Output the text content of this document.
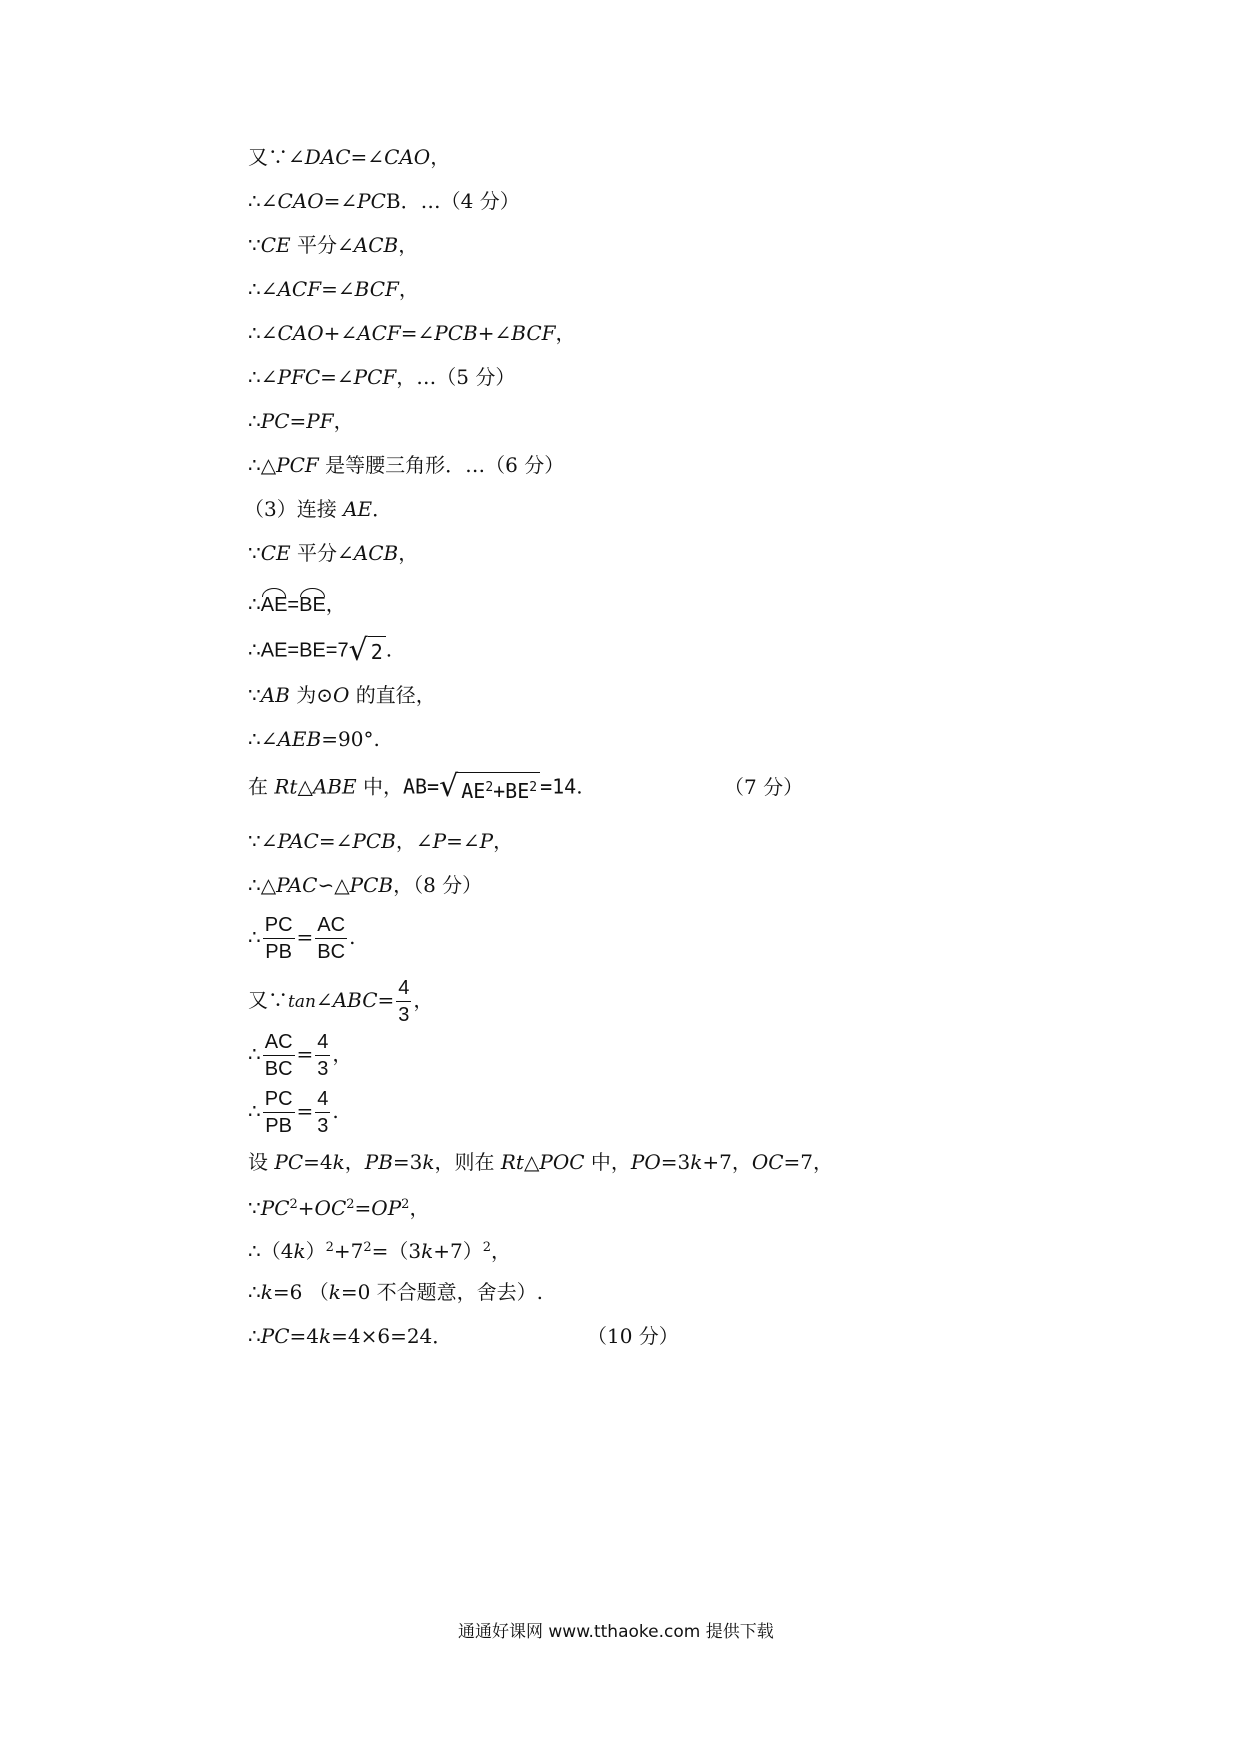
又∵∠DAC=∠CAO，
∴∠CAO=∠PCB．…（4 分）
∵CE 平分∠ACB，
∴∠ACF=∠BCF，
∴∠CAO+∠ACF=∠PCB+∠BCF，
∴∠PFC=∠PCF，…（5 分）
∴PC=PF，
∴△PCF 是等腰三角形．…（6 分）
（3）连接 AE．
∵CE 平分∠ACB，
∴AE=BE，
∴AE=BE=7 √ 2 .
∵AB 为⊙O 的直径，
∴∠AEB=90°.
在 Rt△ABE 中，AB= √ $AE^2+BE^2 =14$.	（7 分）
∵∠PAC=∠PCB，∠P=∠P，
∴△PAC∽△PCB，（8 分）
∴ $\frac{PC}{PB} = \frac{AC}{BC}$ .
又∵tan∠ABC= $\frac{4}{3}$ ，
∴ $\frac{AC}{BC} = \frac{4}{3}$ ，
∴ $\frac{PC}{PB} = \frac{4}{3}$ .
设 PC=4k，PB=3k，则在 Rt△POC 中，PO=3k+7，OC=7，
$\because PC^2+OC^2=OP^2$，
$\therefore(4k)^2+7^2=(3k+7)^2$，
∴k=6 （k=0 不合题意，舍去）.
∴PC=4k=4×6=24．	（10 分）
通通好课网 www.tthaoke.com 提供下载
